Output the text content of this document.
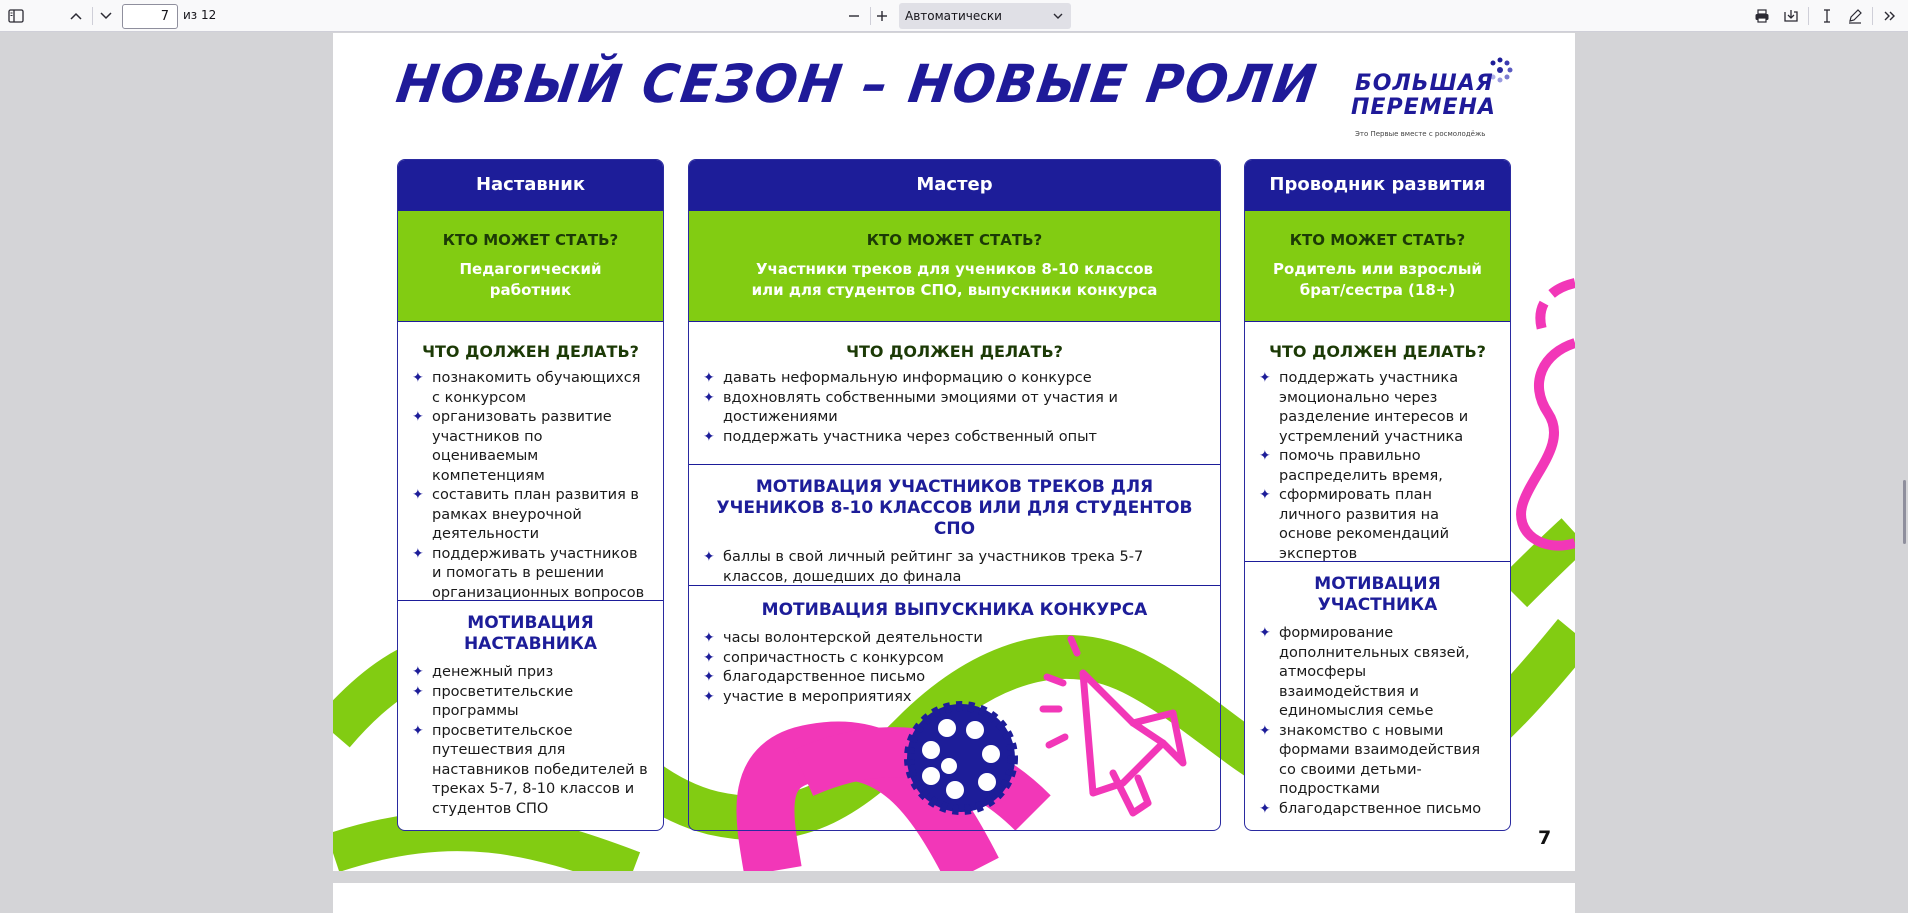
7	из 12	Автоматически
НОВЫЙ СЕЗОН – НОВЫЕ РОЛИ БОЛЬШАЯ
ПЕРЕМЕНА
Это Первые вместе с росмолодёжь
Наставник
КТО МОЖЕТ СТАТЬ?
Педагогический работник
ЧТО ДОЛЖЕН ДЕЛАТЬ?
✦ познакомить обучающихся с конкурсом
✦ организовать развитие участников по оцениваемым компетенциям
✦ составить план развития в рамках внеурочной деятельности
✦ поддерживать участников и помогать в решении организационных вопросов
МОТИВАЦИЯ НАСТАВНИКА
✦ денежный приз
✦ просветительские программы
✦ просветительское путешествия для наставников победителей в треках 5-7, 8-10 классов и студентов СПО
Мастер
КТО МОЖЕТ СТАТЬ?
Участники треков для учеников 8-10 классов или для студентов СПО, выпускники конкурса
ЧТО ДОЛЖЕН ДЕЛАТЬ?
✦ давать неформальную информацию о конкурсе
✦ вдохновлять собственными эмоциями от участия и достижениями
✦ поддержать участника через собственный опыт
МОТИВАЦИЯ УЧАСТНИКОВ ТРЕКОВ ДЛЯ УЧЕНИКОВ 8-10 КЛАССОВ ИЛИ ДЛЯ СТУДЕНТОВ СПО
✦ баллы в свой личный рейтинг за участников трека 5-7 классов, дошедших до финала
МОТИВАЦИЯ ВЫПУСКНИКА КОНКУРСА
✦ часы волонтерской деятельности
✦ сопричастность с конкурсом
✦ благодарственное письмо
✦ участие в мероприятиях
Проводник развития
КТО МОЖЕТ СТАТЬ?
Родитель или взрослый брат/сестра (18+)
ЧТО ДОЛЖЕН ДЕЛАТЬ?
✦ поддержать участника эмоционально через разделение интересов и устремлений участника
✦ помочь правильно распределить время,
✦ сформировать план личного развития на основе рекомендаций экспертов
МОТИВАЦИЯ УЧАСТНИКА
✦ формирование дополнительных связей, атмосферы взаимодействия и единомыслия семье
✦ знакомство с новыми формами взаимодействия со своими детьми-подростками
✦ благодарственное письмо
7
